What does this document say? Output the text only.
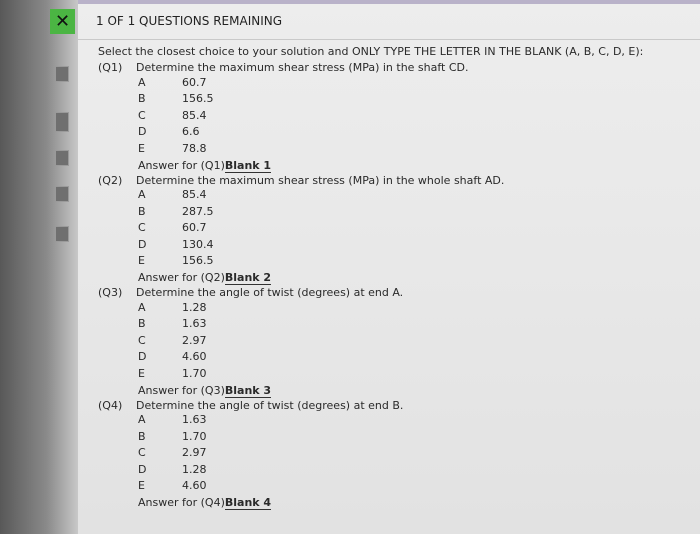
✕	1 OF 1 QUESTIONS REMAINING
Select the closest choice to your solution and ONLY TYPE THE LETTER IN THE BLANK (A, B, C, D, E):
(Q1) Determine the maximum shear stress (MPa) in the shaft CD.
A	60.7
B	156.5
C	85.4
D	6.6
E	78.8
Answer for (Q1)Blank 1
(Q2) Determine the maximum shear stress (MPa) in the whole shaft AD.
A	85.4
B	287.5
C	60.7
D	130.4
E	156.5
Answer for (Q2)Blank 2
(Q3) Determine the angle of twist (degrees) at end A.
A	1.28
B	1.63
C	2.97
D	4.60
E	1.70
Answer for (Q3)Blank 3
(Q4) Determine the angle of twist (degrees) at end B.
A	1.63
B	1.70
C	2.97
D	1.28
E	4.60
Answer for (Q4)Blank 4
